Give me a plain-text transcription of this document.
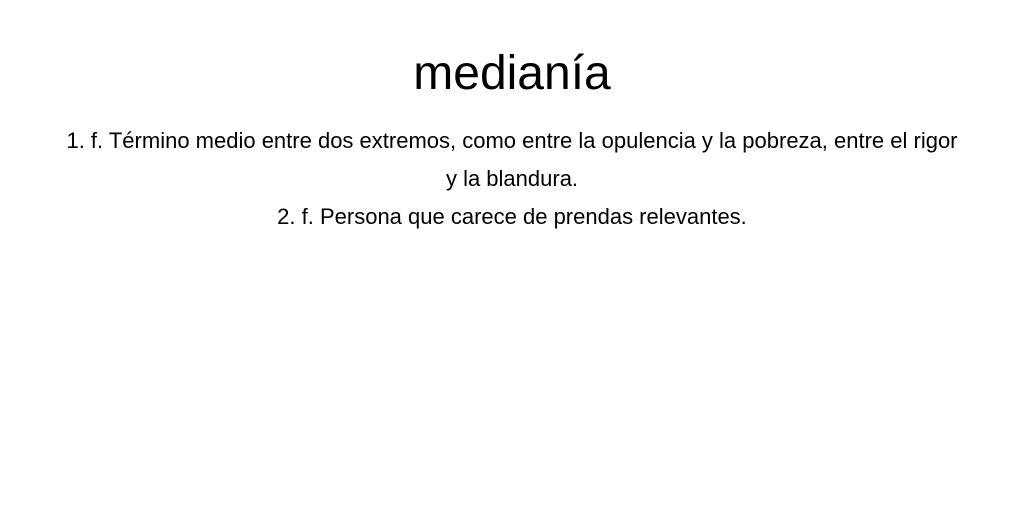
medianía
1. f. Término medio entre dos extremos, como entre la opulencia y la pobreza, entre el rigor y la blandura.
2. f. Persona que carece de prendas relevantes.
